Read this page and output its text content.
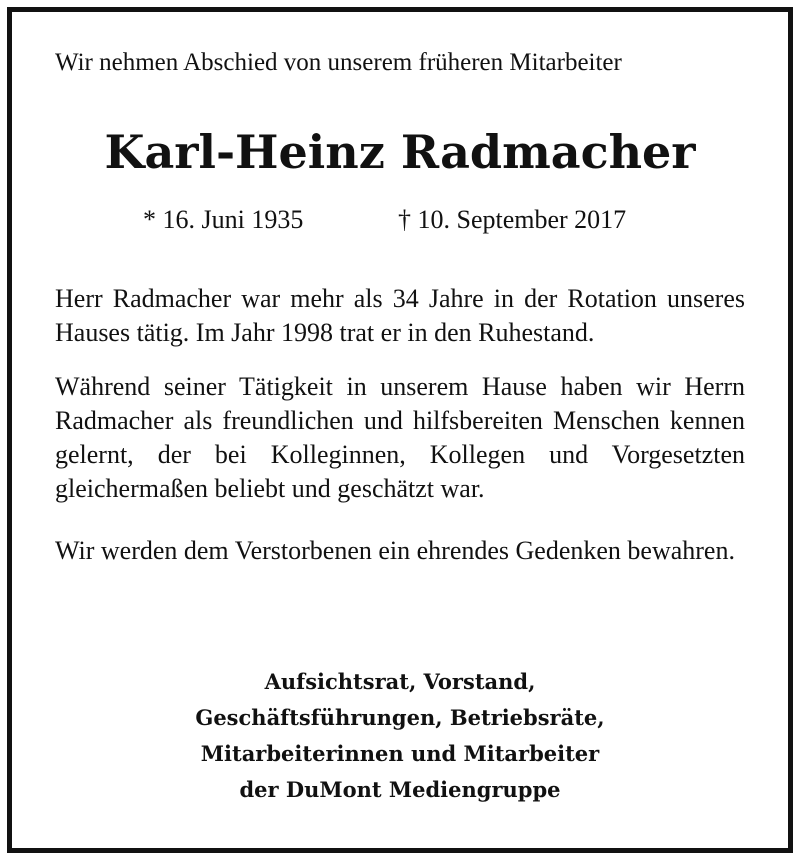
Wir nehmen Abschied von unserem früheren Mitarbeiter
Karl-Heinz Radmacher
* 16. Juni 1935	† 10. September 2017
Herr Radmacher war mehr als 34 Jahre in der Rotation unseres Hauses tätig. Im Jahr 1998 trat er in den Ruhestand.
Während seiner Tätigkeit in unserem Hause haben wir Herrn Radmacher als freundlichen und hilfsbereiten Menschen kennen gelernt, der bei Kolleginnen, Kollegen und Vorgesetzten gleichermaßen beliebt und geschätzt war.
Wir werden dem Verstorbenen ein ehrendes Gedenken bewahren.
Aufsichtsrat, Vorstand,
Geschäftsführungen, Betriebsräte,
Mitarbeiterinnen und Mitarbeiter
der DuMont Mediengruppe
